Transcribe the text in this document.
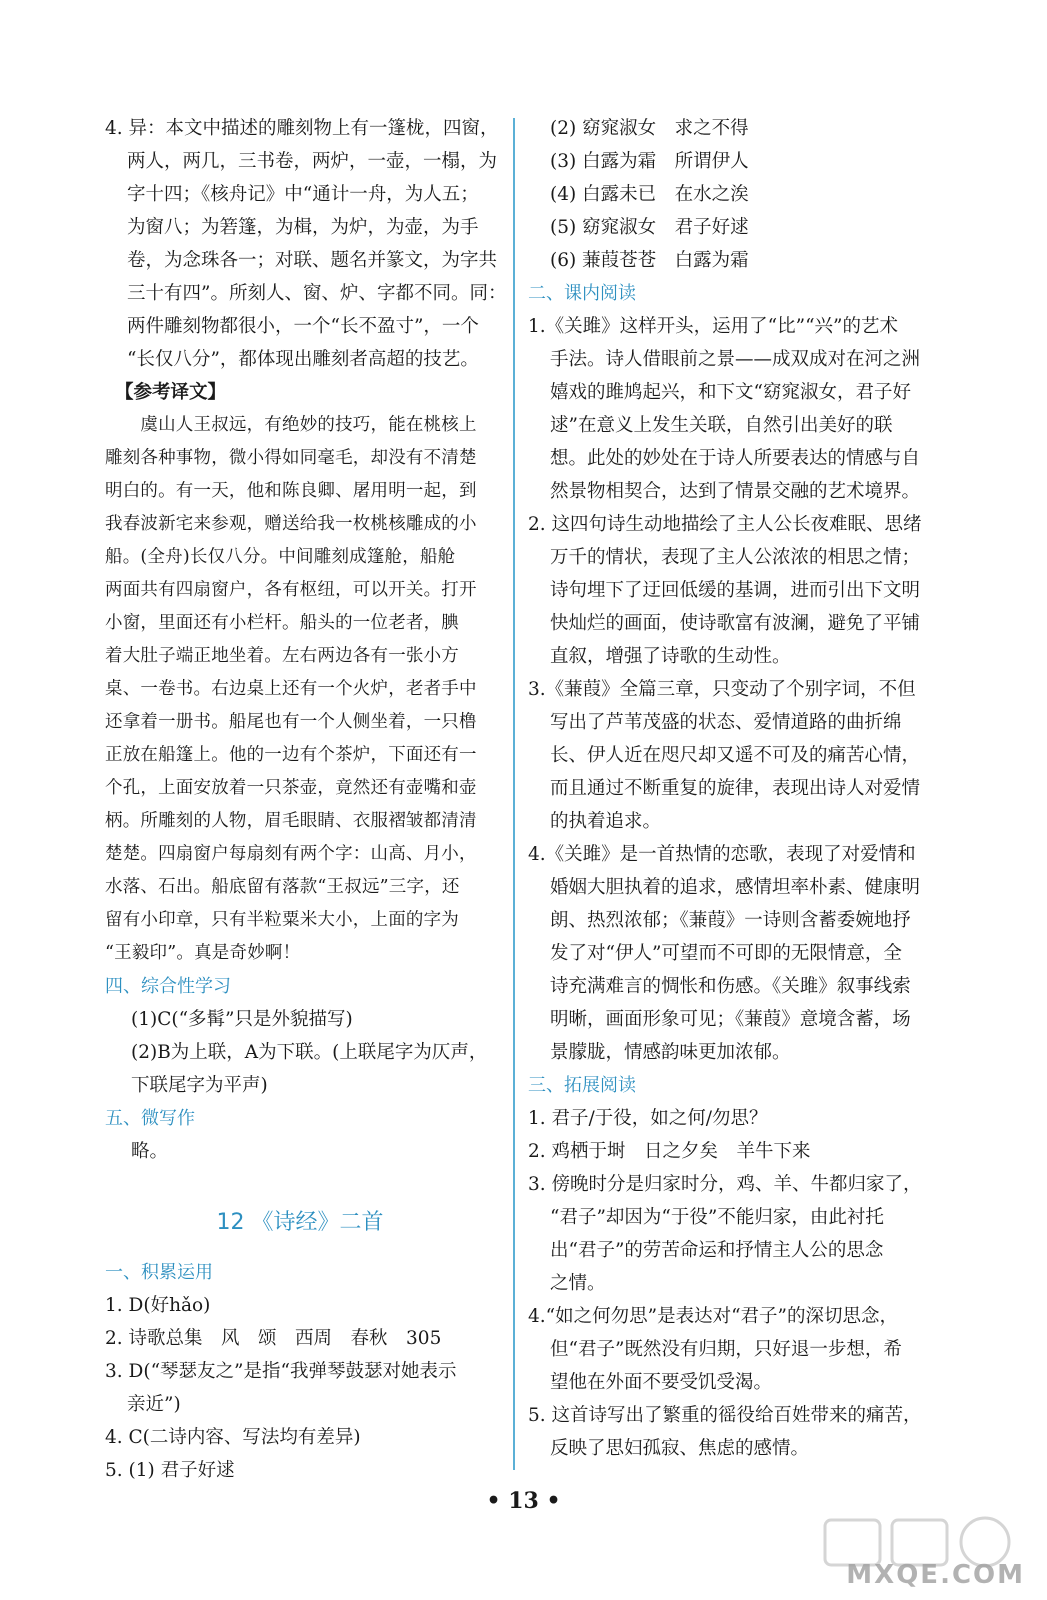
4. 异：本文中描述的雕刻物上有一篷栊，四窗，
两人，两几，三书卷，两炉，一壶，一榻，为
字十四；《核舟记》中“通计一舟，为人五；
为窗八；为箬篷，为楫，为炉，为壶，为手
卷，为念珠各一；对联、题名并篆文，为字共
三十有四”。所刻人、窗、炉、字都不同。同：
两件雕刻物都很小，一个“长不盈寸”，一个
“长仅八分”，都体现出雕刻者高超的技艺。
【参考译文】
　　虞山人王叔远，有绝妙的技巧，能在桃核上
雕刻各种事物，微小得如同毫毛，却没有不清楚
明白的。有一天，他和陈良卿、屠用明一起，到
我春波新宅来参观，赠送给我一枚桃核雕成的小
船。(全舟)长仅八分。中间雕刻成篷舱，船舱
两面共有四扇窗户，各有枢纽，可以开关。打开
小窗，里面还有小栏杆。船头的一位老者，腆
着大肚子端正地坐着。左右两边各有一张小方
桌、一卷书。右边桌上还有一个火炉，老者手中
还拿着一册书。船尾也有一个人侧坐着，一只橹
正放在船篷上。他的一边有个茶炉，下面还有一
个孔，上面安放着一只茶壶，竟然还有壶嘴和壶
柄。所雕刻的人物，眉毛眼睛、衣服褶皱都清清
楚楚。四扇窗户每扇刻有两个字：山高、月小，
水落、石出。船底留有落款“王叔远”三字，还
留有小印章，只有半粒粟米大小，上面的字为
“王毅印”。真是奇妙啊！
四、综合性学习
(1)C(“多髯”只是外貌描写)
(2)B为上联，A为下联。(上联尾字为仄声，
下联尾字为平声)
五、微写作
略。
12 《诗经》二首
一、积累运用
1. D(好hǎo)
2. 诗歌总集　风　颂　西周　春秋　305
3. D(“琴瑟友之”是指“我弹琴鼓瑟对她表示
亲近”)
4. C(二诗内容、写法均有差异)
5. (1) 君子好逑
(2) 窈窕淑女　求之不得
(3) 白露为霜　所谓伊人
(4) 白露未已　在水之涘
(5) 窈窕淑女　君子好逑
(6) 蒹葭苍苍　白露为霜
二、课内阅读
1.《关雎》这样开头，运用了“比”“兴”的艺术
手法。诗人借眼前之景——成双成对在河之洲
嬉戏的雎鸠起兴，和下文“窈窕淑女，君子好
逑”在意义上发生关联，自然引出美好的联
想。此处的妙处在于诗人所要表达的情感与自
然景物相契合，达到了情景交融的艺术境界。
2. 这四句诗生动地描绘了主人公长夜难眠、思绪
万千的情状，表现了主人公浓浓的相思之情；
诗句埋下了迂回低缓的基调，进而引出下文明
快灿烂的画面，使诗歌富有波澜，避免了平铺
直叙，增强了诗歌的生动性。
3.《蒹葭》全篇三章，只变动了个别字词，不但
写出了芦苇茂盛的状态、爱情道路的曲折绵
长、伊人近在咫尺却又遥不可及的痛苦心情，
而且通过不断重复的旋律，表现出诗人对爱情
的执着追求。
4.《关雎》是一首热情的恋歌，表现了对爱情和
婚姻大胆执着的追求，感情坦率朴素、健康明
朗、热烈浓郁；《蒹葭》一诗则含蓄委婉地抒
发了对“伊人”可望而不可即的无限情意，全
诗充满难言的惆怅和伤感。《关雎》叙事线索
明晰，画面形象可见；《蒹葭》意境含蓄，场
景朦胧，情感韵味更加浓郁。
三、拓展阅读
1. 君子/于役，如之何/勿思？
2. 鸡栖于埘　日之夕矣　羊牛下来
3. 傍晚时分是归家时分，鸡、羊、牛都归家了，
“君子”却因为“于役”不能归家，由此衬托
出“君子”的劳苦命运和抒情主人公的思念
之情。
4.“如之何勿思”是表达对“君子”的深切思念，
但“君子”既然没有归期，只好退一步想，希
望他在外面不要受饥受渴。
5. 这首诗写出了繁重的徭役给百姓带来的痛苦，
反映了思妇孤寂、焦虑的感情。
• 13 •
MXQE.COM
